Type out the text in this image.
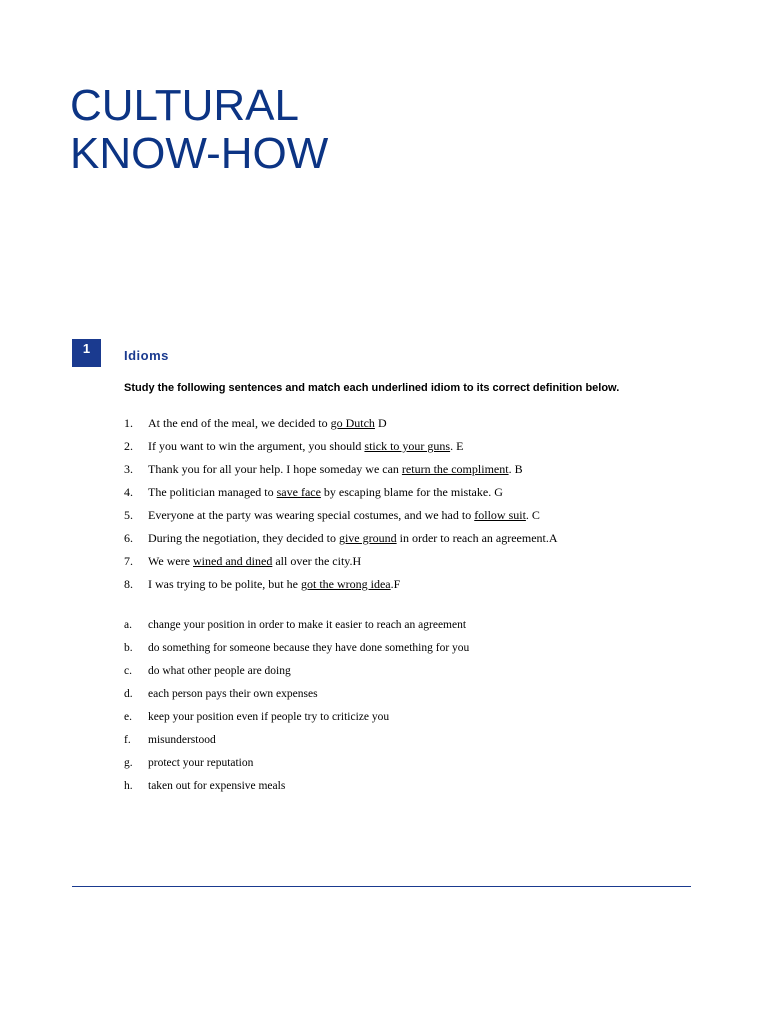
CULTURAL
KNOW-HOW
1	Idioms
Study the following sentences and match each underlined idiom to its correct definition below.
1. At the end of the meal, we decided to go Dutch D
2. If you want to win the argument, you should stick to your guns. E
3. Thank you for all your help. I hope someday we can return the compliment. B
4. The politician managed to save face by escaping blame for the mistake. G
5. Everyone at the party was wearing special costumes, and we had to follow suit. C
6. During the negotiation, they decided to give ground in order to reach an agreement.A
7. We were wined and dined all over the city.H
8. I was trying to be polite, but he got the wrong idea.F
a. change your position in order to make it easier to reach an agreement
b. do something for someone because they have done something for you
c. do what other people are doing
d. each person pays their own expenses
e. keep your position even if people try to criticize you
f. misunderstood
g. protect your reputation
h. taken out for expensive meals
